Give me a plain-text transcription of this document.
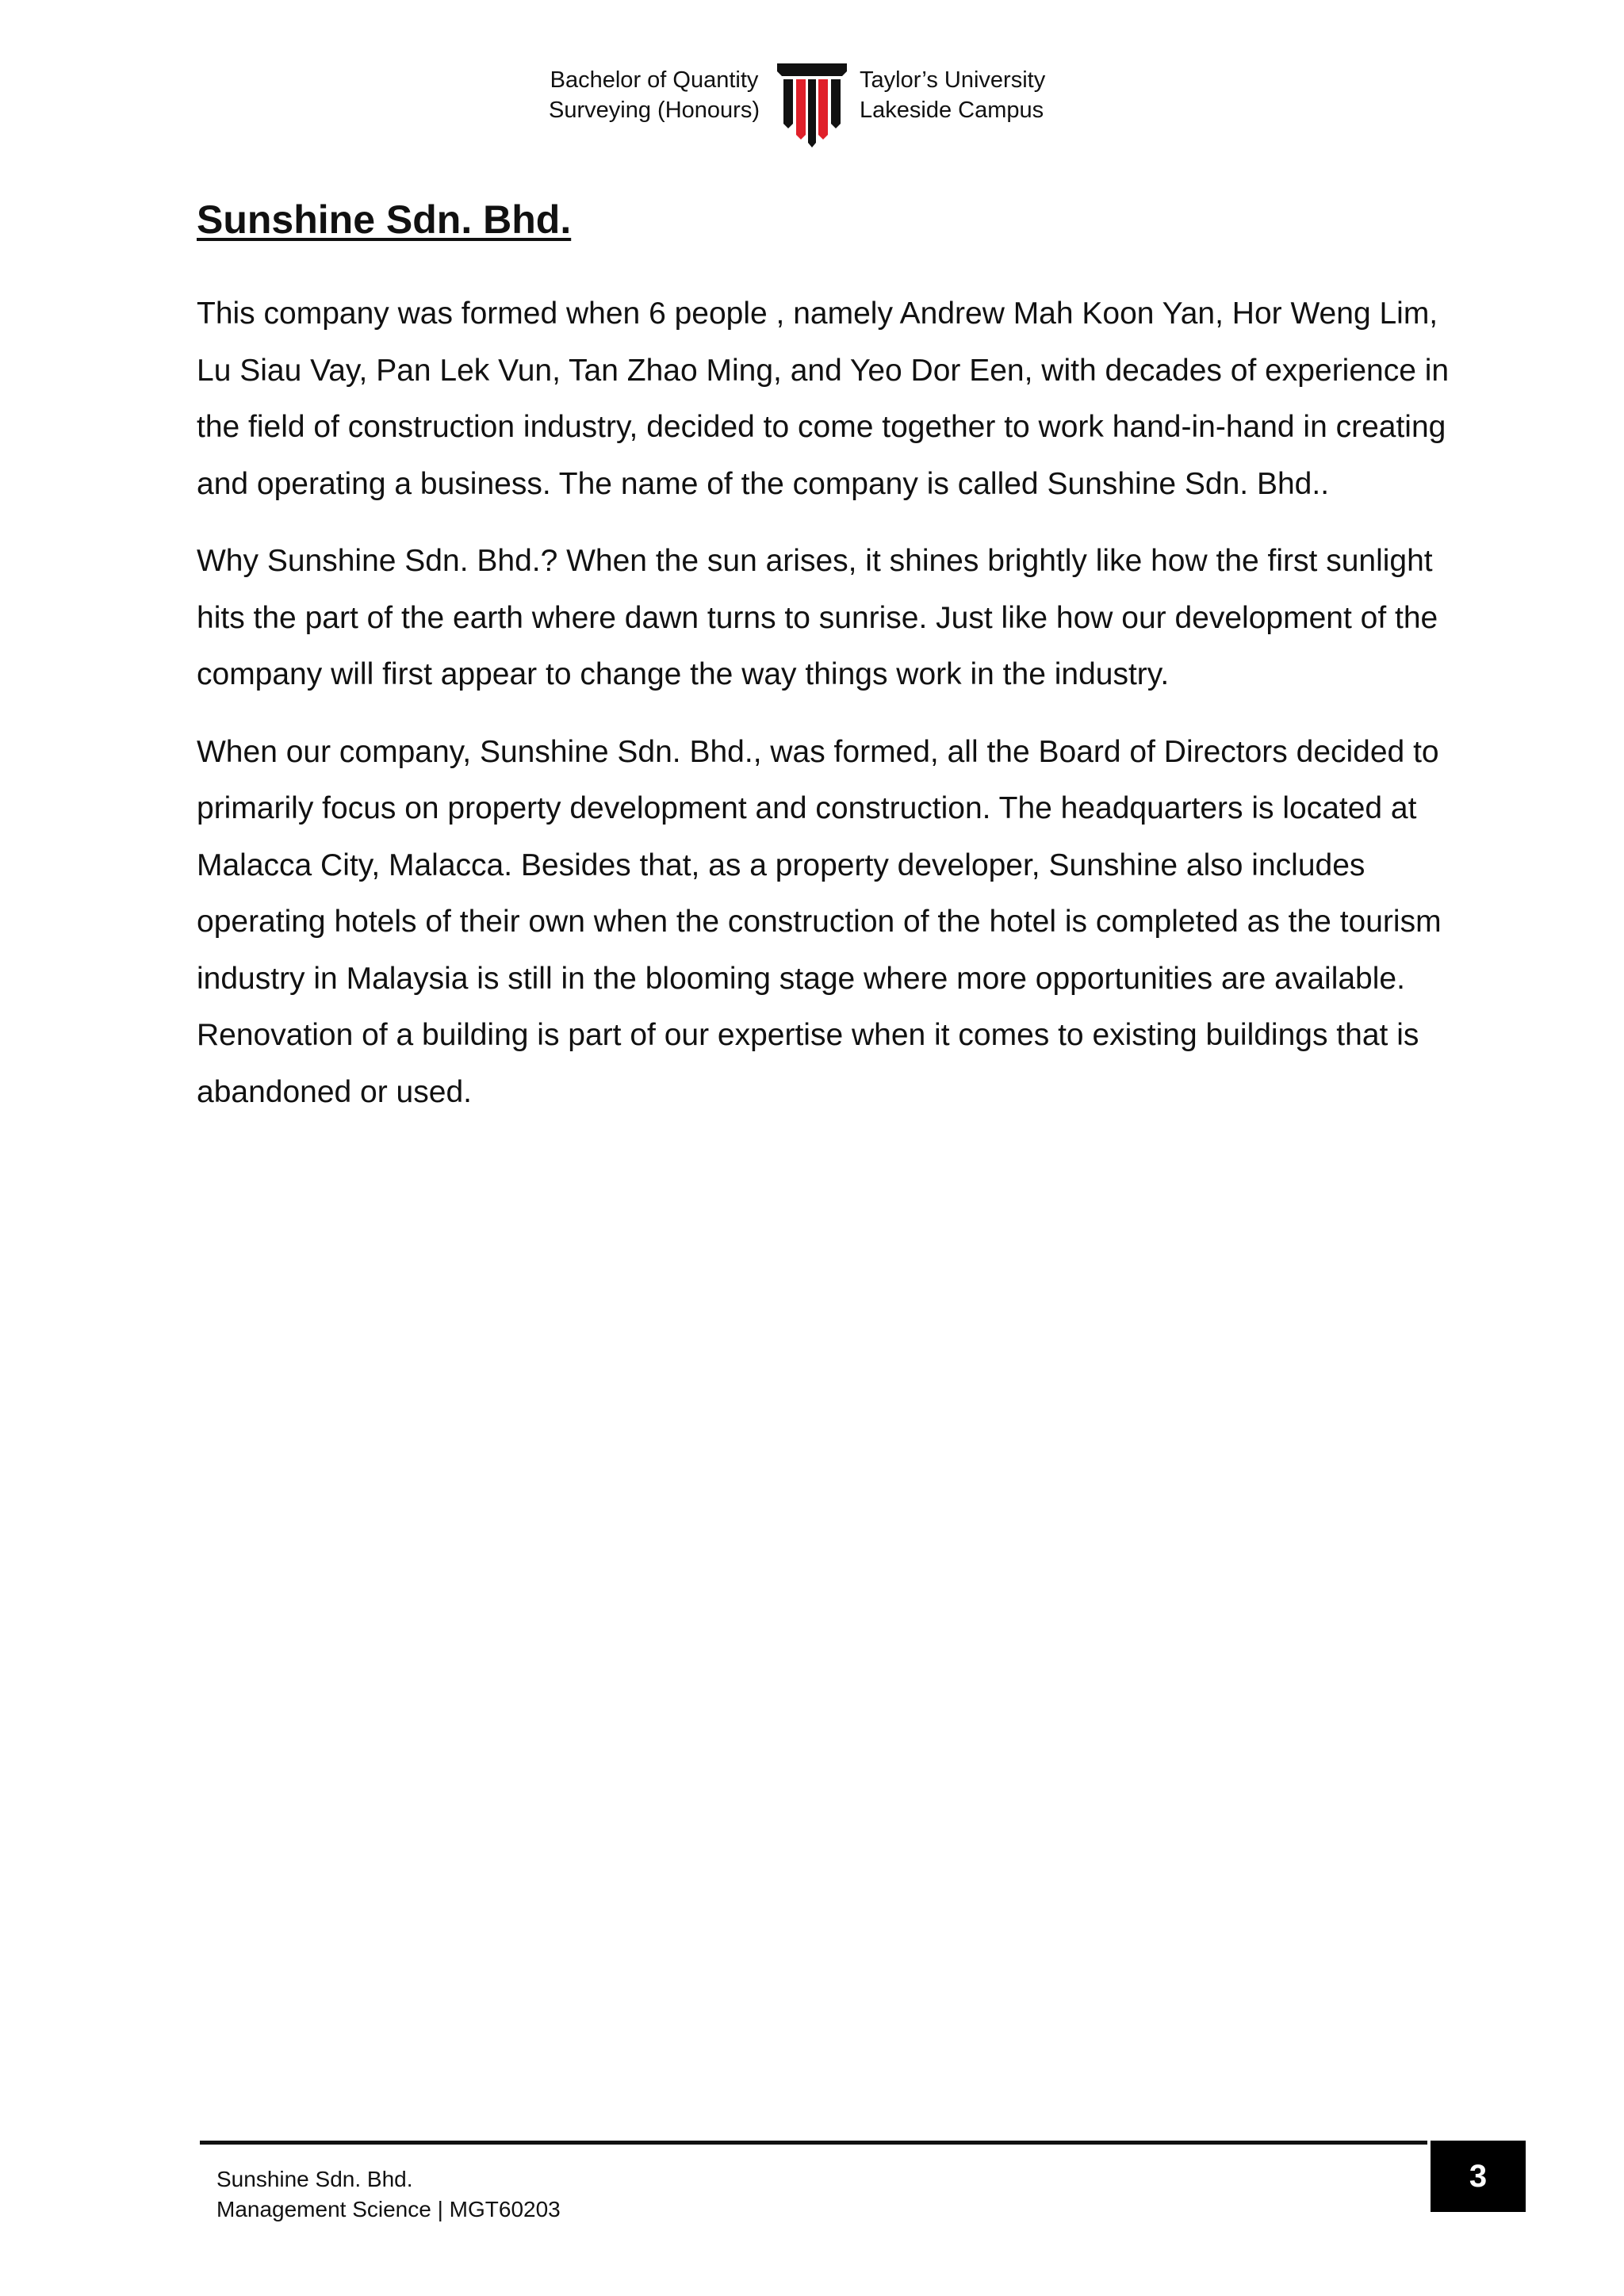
Bachelor of Quantity
Surveying (Honours)
Taylor’s University
Lakeside Campus
Sunshine Sdn. Bhd.

This company was formed when 6 people , namely Andrew Mah Koon Yan, Hor Weng Lim, Lu Siau Vay, Pan Lek Vun, Tan Zhao Ming, and Yeo Dor Een, with decades of experience in the field of construction industry, decided to come together to work hand-in-hand in creating and operating a business. The name of the company is called Sunshine Sdn. Bhd..

Why Sunshine Sdn. Bhd.? When the sun arises, it shines brightly like how the first sunlight hits the part of the earth where dawn turns to sunrise. Just like how our development of the company will first appear to change the way things work in the industry.

When our company, Sunshine Sdn. Bhd., was formed, all the Board of Directors decided to primarily focus on property development and construction. The headquarters is located at Malacca City, Malacca. Besides that, as a property developer, Sunshine also includes operating hotels of their own when the construction of the hotel is completed as the tourism industry in Malaysia is still in the blooming stage where more opportunities are available. Renovation of a building is part of our expertise when it comes to existing buildings that is abandoned or used.

Sunshine Sdn. Bhd.
Management Science | MGT60203
3
